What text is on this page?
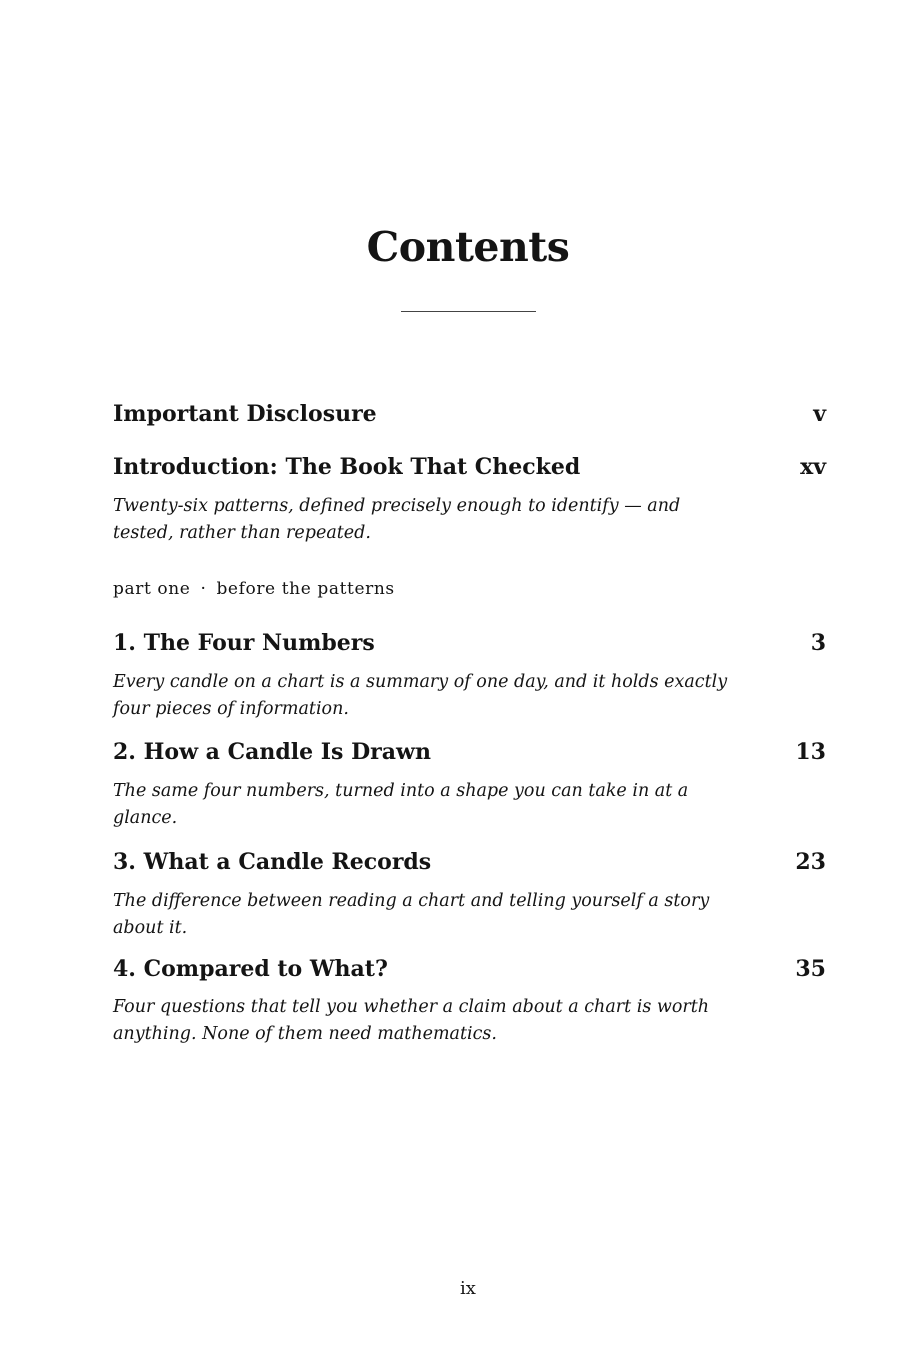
Contents
Important Disclosure	v
Introduction: The Book That Checked	xv
Twenty-six patterns, defined precisely enough to identify — and tested, rather than repeated.
part one · before the patterns
1. The Four Numbers	3
Every candle on a chart is a summary of one day, and it holds exactly four pieces of information.
2. How a Candle Is Drawn	13
The same four numbers, turned into a shape you can take in at a glance.
3. What a Candle Records	23
The difference between reading a chart and telling yourself a story about it.
4. Compared to What?	35
Four questions that tell you whether a claim about a chart is worth anything. None of them need mathematics.
ix
